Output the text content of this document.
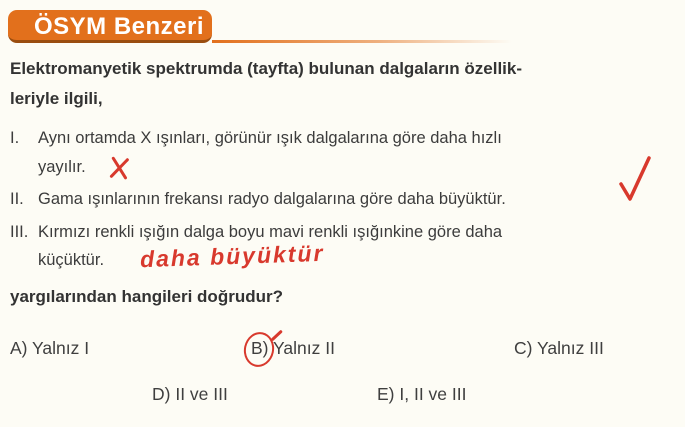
ÖSYM Benzeri
Elektromanyetik spektrumda (tayfta) bulunan dalgaların özellik-
leriyle ilgili,
I. Aynı ortamda X ışınları, görünür ışık dalgalarına göre daha hızlı
yayılır.
II. Gama ışınlarının frekansı radyo dalgalarına göre daha büyüktür.
III. Kırmızı renkli ışığın dalga boyu mavi renkli ışığınkine göre daha
küçüktür. daha büyüktür
yargılarından hangileri doğrudur?
A) Yalnız I	B) Yalnız II	C) Yalnız III
D) II ve III	E) I, II ve III
